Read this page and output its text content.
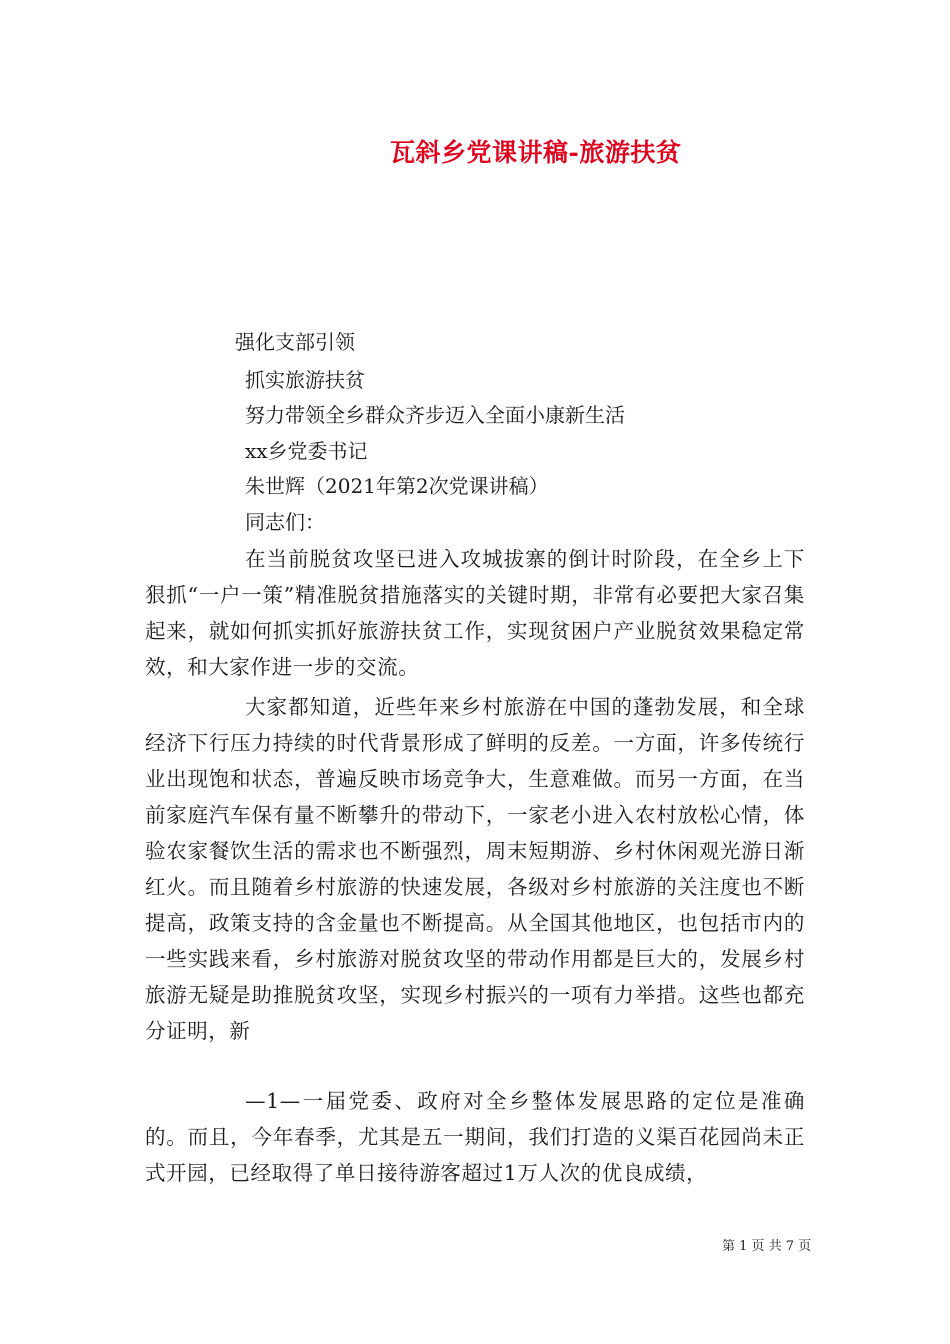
瓦斜乡党课讲稿-旅游扶贫

强化支部引领

抓实旅游扶贫

努力带领全乡群众齐步迈入全面小康新生活

xx乡党委书记

朱世辉（2021年第2次党课讲稿）

同志们：

在当前脱贫攻坚已进入攻城拔寨的倒计时阶段，在全乡上下狠抓“一户一策”精准脱贫措施落实的关键时期，非常有必要把大家召集起来，就如何抓实抓好旅游扶贫工作，实现贫困户产业脱贫效果稳定常效，和大家作进一步的交流。

大家都知道，近些年来乡村旅游在中国的蓬勃发展，和全球经济下行压力持续的时代背景形成了鲜明的反差。一方面，许多传统行业出现饱和状态，普遍反映市场竞争大，生意难做。而另一方面，在当前家庭汽车保有量不断攀升的带动下，一家老小进入农村放松心情，体验农家餐饮生活的需求也不断强烈，周末短期游、乡村休闲观光游日渐红火。而且随着乡村旅游的快速发展，各级对乡村旅游的关注度也不断提高，政策支持的含金量也不断提高。从全国其他地区，也包括市内的一些实践来看，乡村旅游对脱贫攻坚的带动作用都是巨大的，发展乡村旅游无疑是助推脱贫攻坚，实现乡村振兴的一项有力举措。这些也都充分证明，新

—1—一届党委、政府对全乡整体发展思路的定位是准确的。而且，今年春季，尤其是五一期间，我们打造的义渠百花园尚未正式开园，已经取得了单日接待游客超过1万人次的优良成绩，

第 1 页 共 7 页
